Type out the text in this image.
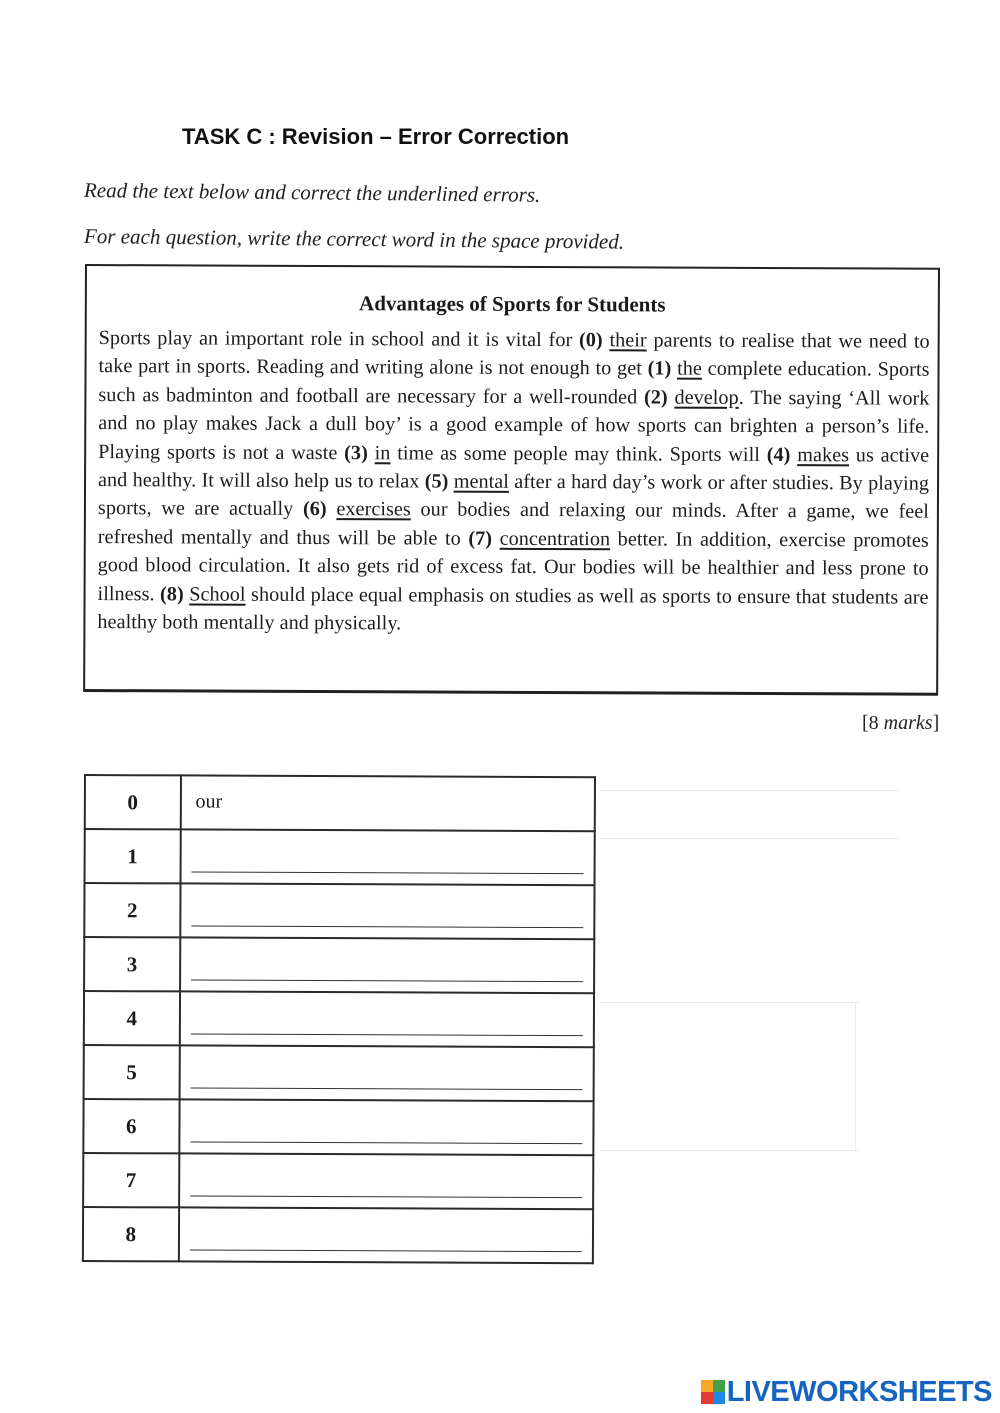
TASK C : Revision – Error Correction
Read the text below and correct the underlined errors.
For each question, write the correct word in the space provided.
Advantages of Sports for Students
Sports play an important role in school and it is vital for (0) their parents to realise that we need to take part in sports. Reading and writing alone is not enough to get (1) the complete education. Sports such as badminton and football are necessary for a well-rounded (2) develop. The saying ‘All work and no play makes Jack a dull boy’ is a good example of how sports can brighten a person’s life. Playing sports is not a waste (3) in time as some people may think. Sports will (4) makes us active and healthy. It will also help us to relax (5) mental after a hard day’s work or after studies. By playing sports, we are actually (6) exercises our bodies and relaxing our minds. After a game, we feel refreshed mentally and thus will be able to (7) concentration better. In addition, exercise promotes good blood circulation. It also gets rid of excess fat. Our bodies will be healthier and less prone to illness. (8) School should place equal emphasis on studies as well as sports to ensure that students are healthy both mentally and physically.
[8 marks]
0	our

1	

2	

3	

4	

5	

6	

7	

8	
LIVEWORKSHEETS
